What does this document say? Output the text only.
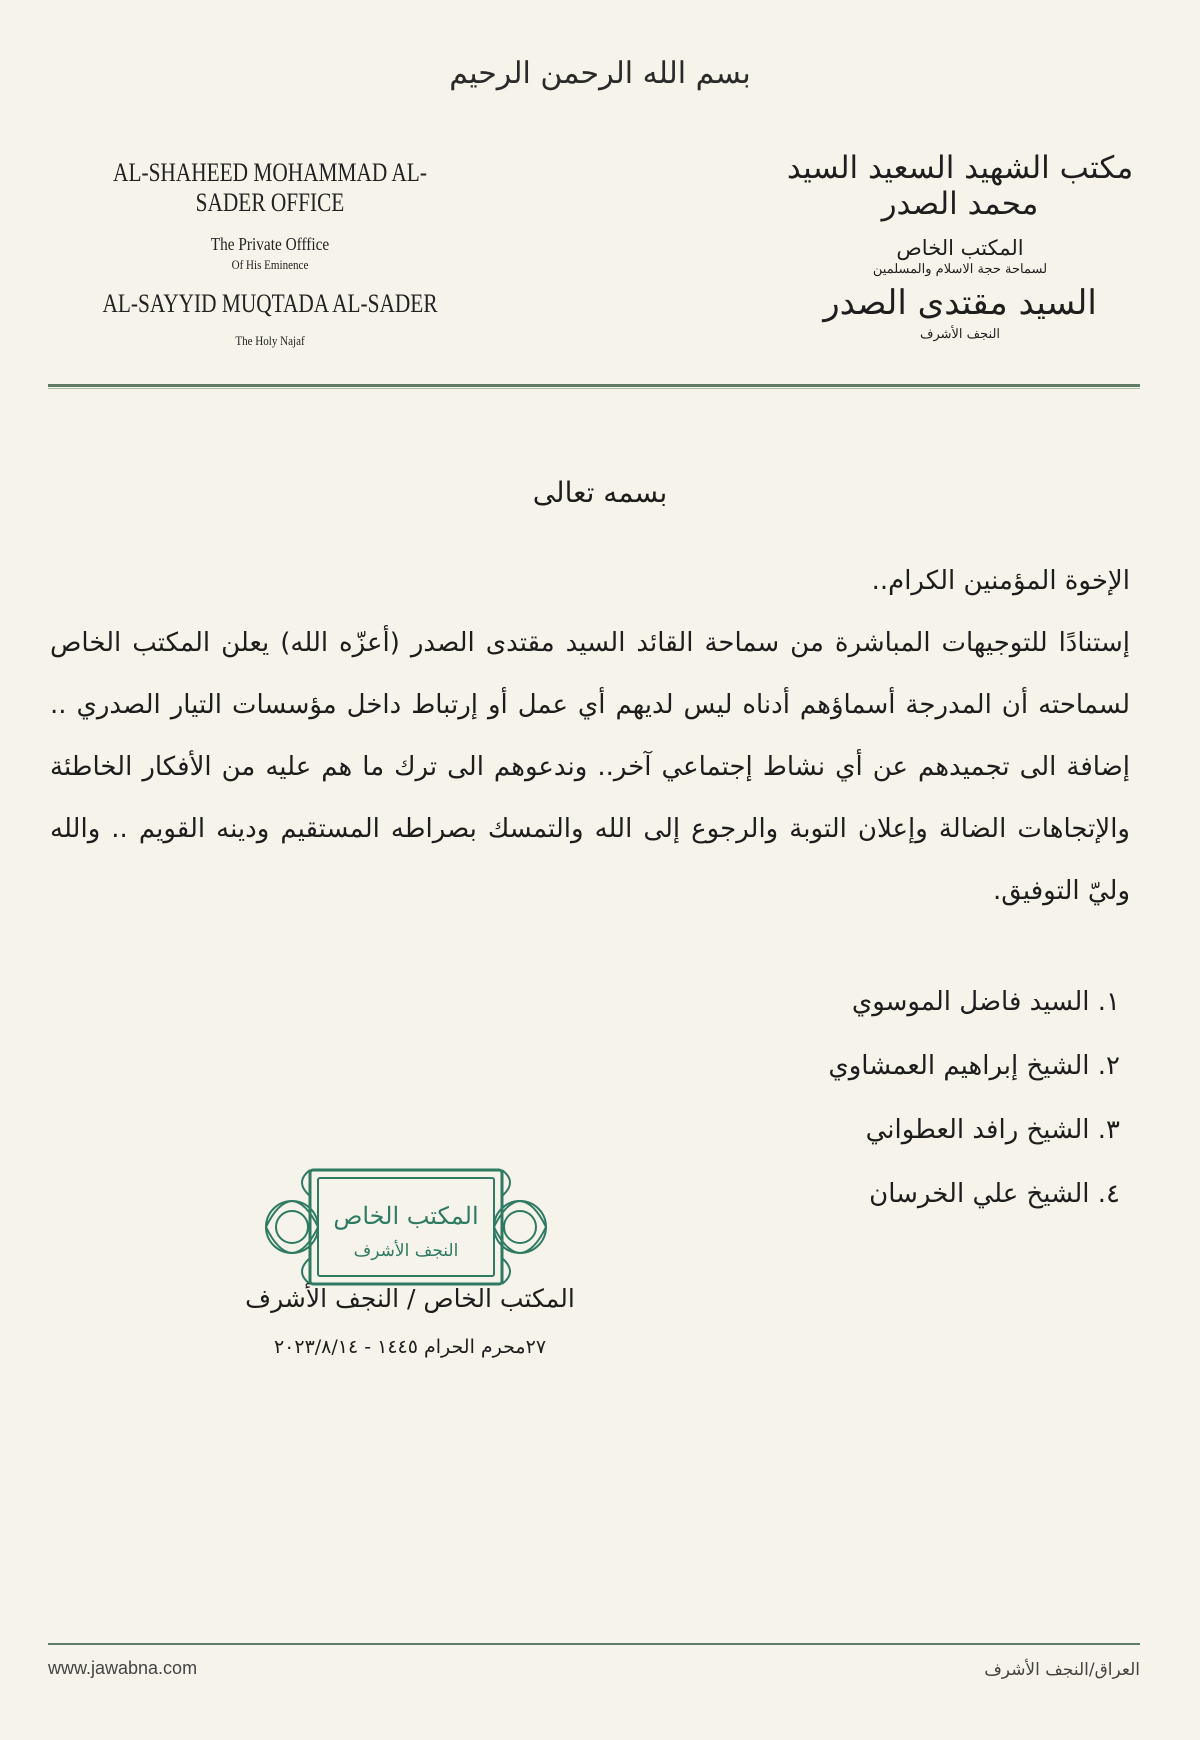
بسم الله الرحمن الرحيم
AL-SHAHEED MOHAMMAD AL-SADER OFFICE
The Private Offfice
Of His Eminence
AL-SAYYID MUQTADA AL-SADER
The Holy Najaf
مكتب الشهيد السعيد السيد محمد الصدر
المكتب الخاص
لسماحة حجة الاسلام والمسلمين
السيد مقتدى الصدر
النجف الأشرف
بسمه تعالى

الإخوة المؤمنين الكرام..

إستنادًا للتوجيهات المباشرة من سماحة القائد السيد مقتدى الصدر (أعزّه الله) يعلن المكتب الخاص لسماحته أن المدرجة أسماؤهم أدناه ليس لديهم أي عمل أو إرتباط داخل مؤسسات التيار الصدري .. إضافة الى تجميدهم عن أي نشاط إجتماعي آخر.. وندعوهم الى ترك ما هم عليه من الأفكار الخاطئة والإتجاهات الضالة وإعلان التوبة والرجوع إلى الله والتمسك بصراطه المستقيم ودينه القويم .. والله وليّ التوفيق.

١. السيد فاضل الموسوي
٢. الشيخ إبراهيم العمشاوي
٣. الشيخ رافد العطواني
٤. الشيخ علي الخرسان
المكتب الخاص
النجف الأشرف
المكتب الخاص / النجف الأشرف
٢٧محرم الحرام ١٤٤٥ - ٢٠٢٣/٨/١٤
www.jawabna.com	العراق/النجف الأشرف
